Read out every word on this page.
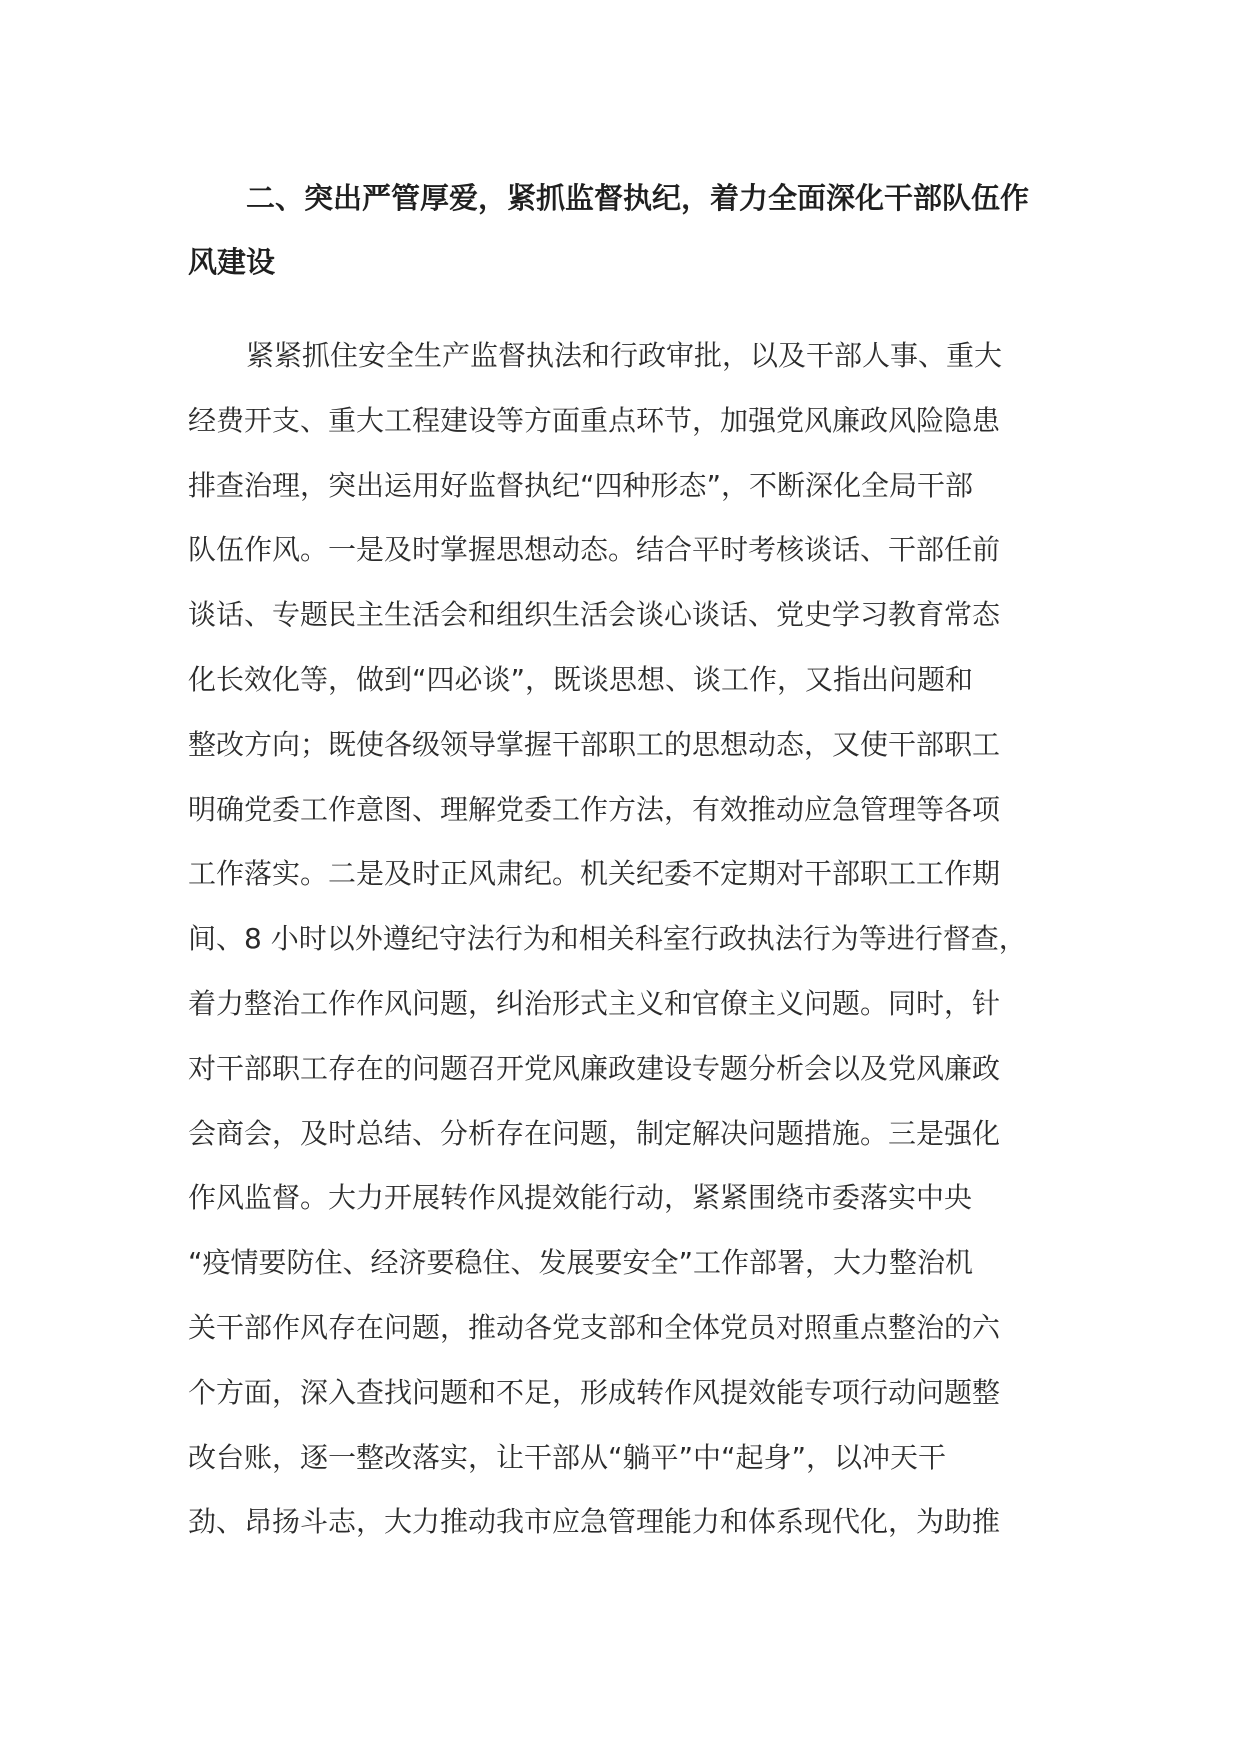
二、突出严管厚爱，紧抓监督执纪，着力全面深化干部队伍作
风建设
紧紧抓住安全生产监督执法和行政审批，以及干部人事、重大
经费开支、重大工程建设等方面重点环节，加强党风廉政风险隐患
排查治理，突出运用好监督执纪“四种形态”，不断深化全局干部
队伍作风。一是及时掌握思想动态。结合平时考核谈话、干部任前
谈话、专题民主生活会和组织生活会谈心谈话、党史学习教育常态
化长效化等，做到“四必谈”，既谈思想、谈工作，又指出问题和
整改方向；既使各级领导掌握干部职工的思想动态，又使干部职工
明确党委工作意图、理解党委工作方法，有效推动应急管理等各项
工作落实。二是及时正风肃纪。机关纪委不定期对干部职工工作期
间、8 小时以外遵纪守法行为和相关科室行政执法行为等进行督查，
着力整治工作作风问题，纠治形式主义和官僚主义问题。同时，针
对干部职工存在的问题召开党风廉政建设专题分析会以及党风廉政
会商会，及时总结、分析存在问题，制定解决问题措施。三是强化
作风监督。大力开展转作风提效能行动，紧紧围绕市委落实中央
“疫情要防住、经济要稳住、发展要安全”工作部署，大力整治机
关干部作风存在问题，推动各党支部和全体党员对照重点整治的六
个方面，深入查找问题和不足，形成转作风提效能专项行动问题整
改台账，逐一整改落实，让干部从“躺平”中“起身”，以冲天干
劲、昂扬斗志，大力推动我市应急管理能力和体系现代化，为助推
